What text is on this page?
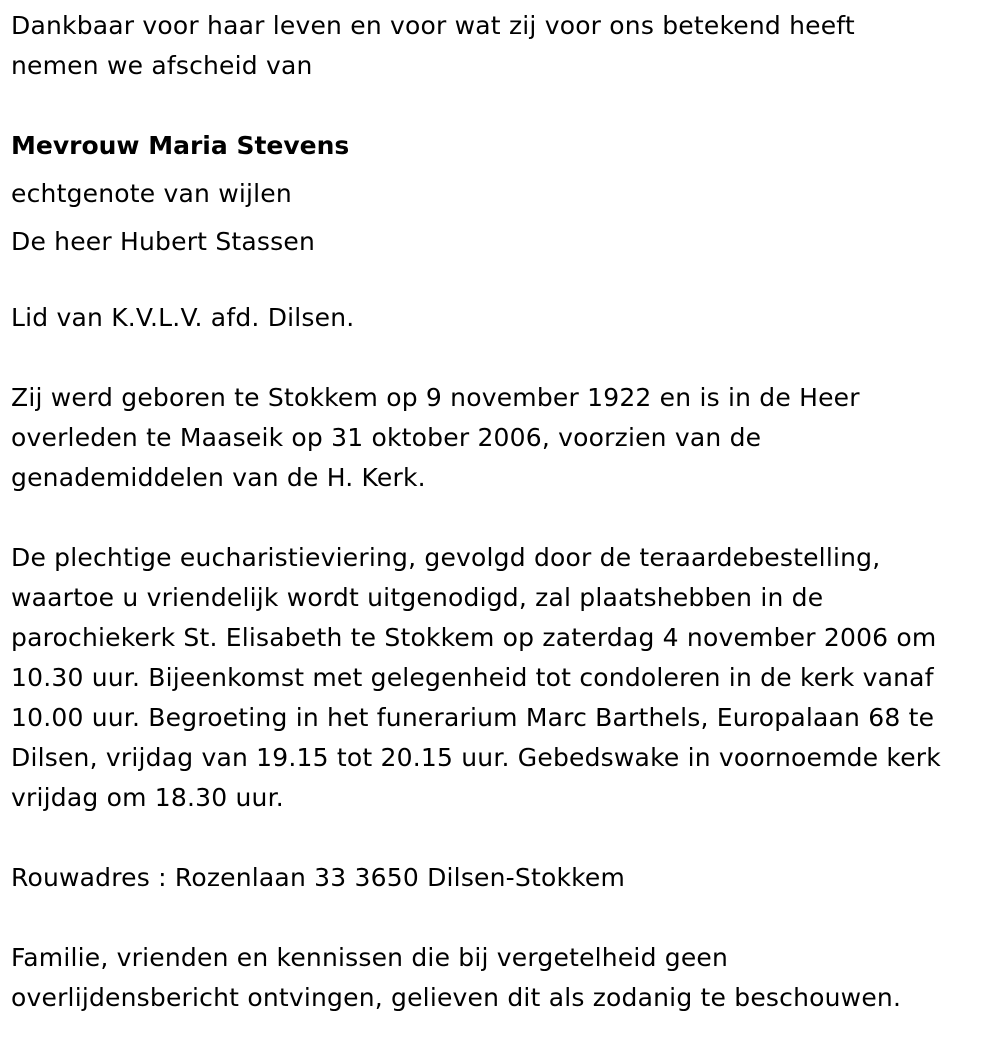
Dankbaar voor haar leven en voor wat zij voor ons betekend heeft
nemen we afscheid van
Mevrouw Maria Stevens
echtgenote van wijlen
De heer Hubert Stassen
Lid van K.V.L.V. afd. Dilsen.
Zij werd geboren te Stokkem op 9 november 1922 en is in de Heer
overleden te Maaseik op 31 oktober 2006, voorzien van de
genademiddelen van de H. Kerk.
De plechtige eucharistieviering, gevolgd door de teraardebestelling,
waartoe u vriendelijk wordt uitgenodigd, zal plaatshebben in de
parochiekerk St. Elisabeth te Stokkem op zaterdag 4 november 2006 om
10.30 uur. Bijeenkomst met gelegenheid tot condoleren in de kerk vanaf
10.00 uur. Begroeting in het funerarium Marc Barthels, Europalaan 68 te
Dilsen, vrijdag van 19.15 tot 20.15 uur. Gebedswake in voornoemde kerk
vrijdag om 18.30 uur.
Rouwadres : Rozenlaan 33 3650 Dilsen-Stokkem
Familie, vrienden en kennissen die bij vergetelheid geen
overlijdensbericht ontvingen, gelieven dit als zodanig te beschouwen.
